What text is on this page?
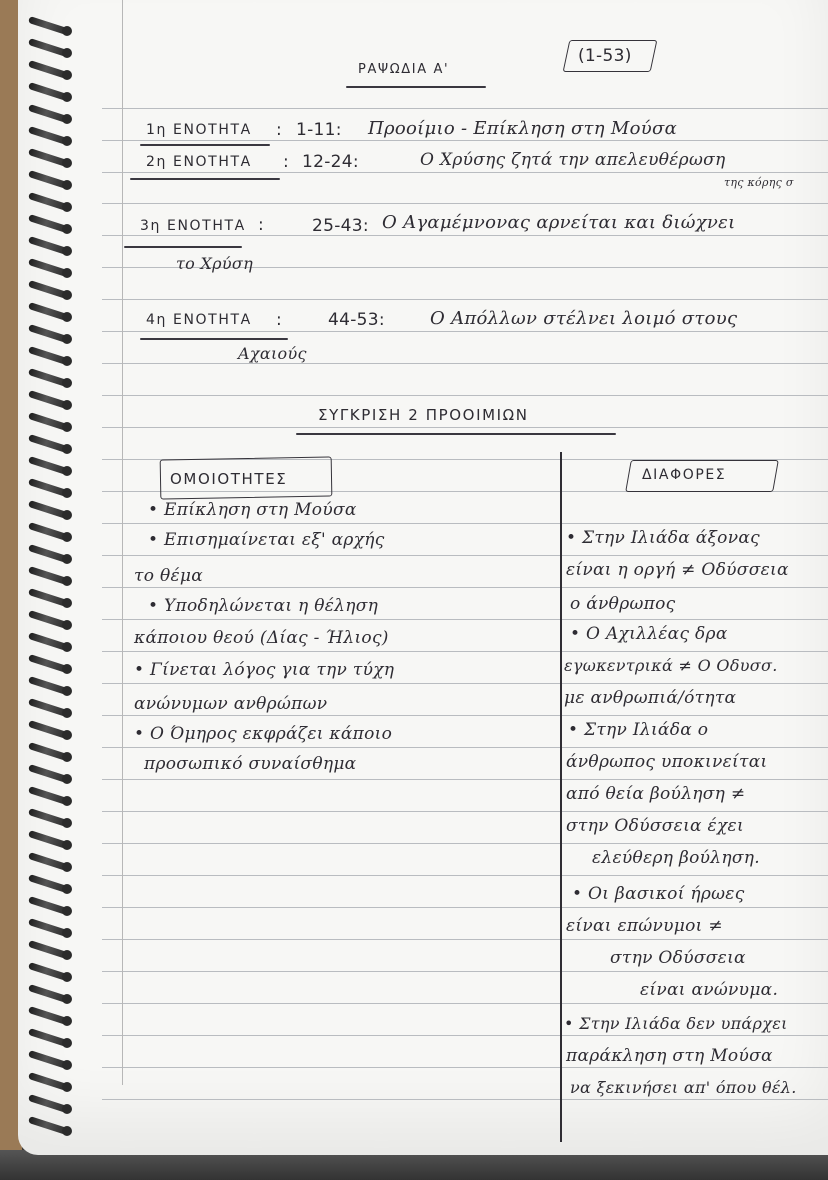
ΡΑΨΩΔΙΑ Α'
(1-53)
1η ΕΝΟΤΗΤΑ : 1-11: Προοίμιο - Επίκληση στη Μούσα
2η ΕΝΟΤΗΤΑ : 12-24:	Ο Χρύσης ζητά την απελευθέρωση
της κόρης σ
3η ΕΝΟΤΗΤΑ :	25-43: Ο Αγαμέμνονας αρνείται και διώχνει
το Χρύση
4η ΕΝΟΤΗΤΑ :	44-53:	Ο Απόλλων στέλνει λοιμό στους
Αχαιούς
ΣΥΓΚΡΙΣΗ 2 ΠΡΟΟΙΜΙΩΝ
ΟΜΟΙΟΤΗΤΕΣ
• Επίκληση στη Μούσα
• Επισημαίνεται εξ' αρχής
το θέμα
• Υποδηλώνεται η θέληση
κάποιου θεού (Δίας - Ήλιος)
• Γίνεται λόγος για την τύχη
ανώνυμων ανθρώπων
• Ο Όμηρος εκφράζει κάποιο
προσωπικό συναίσθημα
ΔΙΑΦΟΡΕΣ
• Στην Ιλιάδα άξονας
είναι η οργή ≠ Οδύσσεια
ο άνθρωπος
• Ο Αχιλλέας δρα
εγωκεντρικά ≠ Ο Οδυσσ.
με ανθρωπιά/ότητα
• Στην Ιλιάδα ο
άνθρωπος υποκινείται
από θεία βούληση ≠
στην Οδύσσεια έχει
ελεύθερη βούληση.
• Οι βασικοί ήρωες
είναι επώνυμοι ≠
στην Οδύσσεια
είναι ανώνυμα.
• Στην Ιλιάδα δεν υπάρχει
παράκληση στη Μούσα
να ξεκινήσει απ' όπου θέλ.
